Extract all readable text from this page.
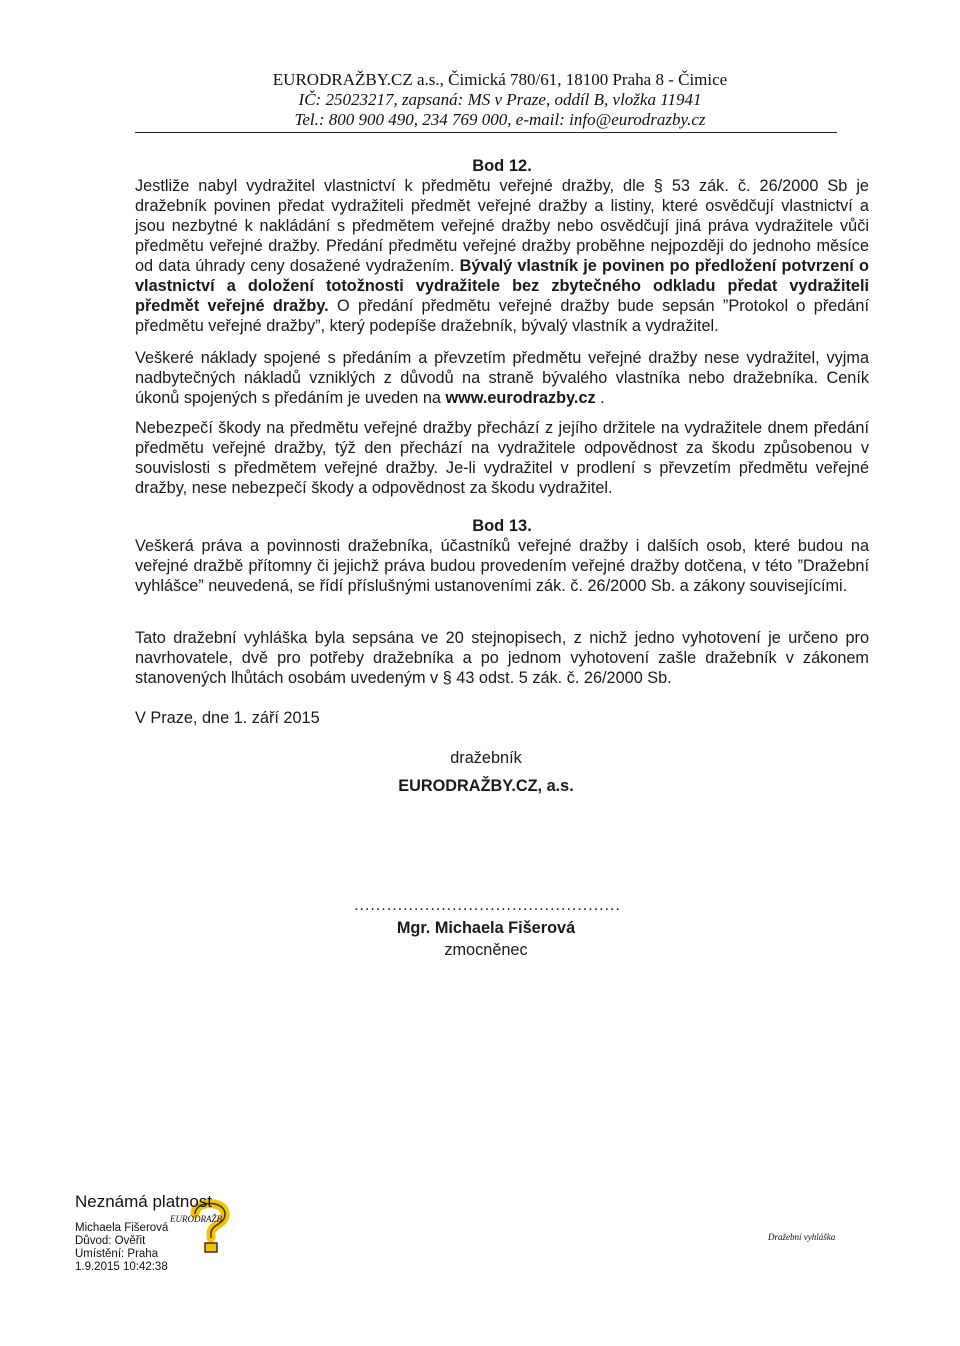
EURODRAŽBY.CZ a.s., Čimická 780/61, 18100 Praha 8 - Čimice
IČ: 25023217, zapsaná: MS v Praze, oddíl B, vložka 11941
Tel.: 800 900 490, 234 769 000, e-mail: info@eurodrazby.cz
Bod 12.

Jestliže nabyl vydražitel vlastnictví k předmětu veřejné dražby, dle § 53 zák. č. 26/2000 Sb je dražebník povinen předat vydražiteli předmět veřejné dražby a listiny, které osvědčují vlastnictví a jsou nezbytné k nakládání s předmětem veřejné dražby nebo osvědčují jiná práva vydražitele vůči předmětu veřejné dražby. Předání předmětu veřejné dražby proběhne nejpozději do jednoho měsíce od data úhrady ceny dosažené vydražením. Bývalý vlastník je povinen po předložení potvrzení o vlastnictví a doložení totožnosti vydražitele bez zbytečného odkladu předat vydražiteli předmět veřejné dražby. O předání předmětu veřejné dražby bude sepsán ”Protokol o předání předmětu veřejné dražby”, který podepíše dražebník, bývalý vlastník a vydražitel.

Veškeré náklady spojené s předáním a převzetím předmětu veřejné dražby nese vydražitel, vyjma nadbytečných nákladů vzniklých z důvodů na straně bývalého vlastníka nebo dražebníka. Ceník úkonů spojených s předáním je uveden na www.eurodrazby.cz .

Nebezpečí škody na předmětu veřejné dražby přechází z jejího držitele na vydražitele dnem předání předmětu veřejné dražby, týž den přechází na vydražitele odpovědnost za škodu způsobenou v souvislosti s předmětem veřejné dražby. Je-li vydražitel v prodlení s převzetím předmětu veřejné dražby, nese nebezpečí škody a odpovědnost za škodu vydražitel.

Bod 13.

Veškerá práva a povinnosti dražebníka, účastníků veřejné dražby i dalších osob, které budou na veřejné dražbě přítomny či jejichž práva budou provedením veřejné dražby dotčena, v této ”Dražební vyhlášce” neuvedená, se řídí příslušnými ustanoveními zák. č. 26/2000 Sb. a zákony souvisejícími.

Tato dražební vyhláška byla sepsána ve 20 stejnopisech, z nichž jedno vyhotovení je určeno pro navrhovatele, dvě pro potřeby dražebníka a po jednom vyhotovení zašle dražebník v zákonem stanovených lhůtách osobám uvedeným v § 43 odst. 5 zák. č. 26/2000 Sb.

V Praze, dne 1. září 2015
dražebník
EURODRAŽBY.CZ, a.s.
.................................................
Mgr. Michaela Fišerová
zmocněnec
Neznámá platnost
Michaela Fišerová
Důvod: Ověřit
Umístění: Praha
1.9.2015 10:42:38
EURODRAŽB
Dražební vyhláška
